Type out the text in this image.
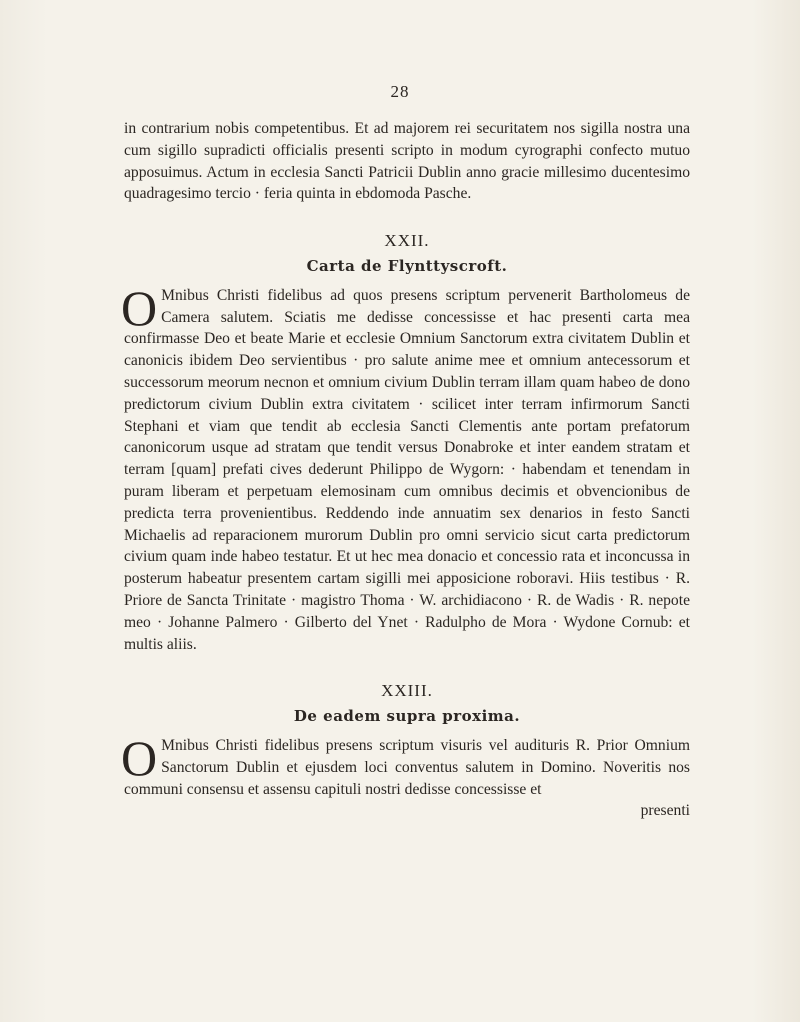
28

in contrarium nobis competentibus. Et ad majorem rei securitatem nos sigilla nostra una cum sigillo supradicti officialis presenti scripto in modum cyrographi confecto mutuo apposuimus. Actum in ecclesia Sancti Patricii Dublin anno gracie millesimo ducentesimo quadragesimo tercio · feria quinta in ebdomoda Pasche.

XXII.
Carta de Flynttyscroft.

O Mnibus Christi fidelibus ad quos presens scriptum pervenerit Bartholomeus de Camera salutem. Sciatis me dedisse concessisse et hac presenti carta mea confirmasse Deo et beate Marie et ecclesie Omnium Sanctorum extra civitatem Dublin et canonicis ibidem Deo servientibus · pro salute anime mee et omnium antecessorum et successorum meorum necnon et omnium civium Dublin terram illam quam habeo de dono predictorum civium Dublin extra civitatem · scilicet inter terram infirmorum Sancti Stephani et viam que tendit ab ecclesia Sancti Clementis ante portam prefatorum canonicorum usque ad stratam que tendit versus Donabroke et inter eandem stratam et terram [quam] prefati cives dederunt Philippo de Wygorn: · habendam et tenendam in puram liberam et perpetuam elemosinam cum omnibus decimis et obvencionibus de predicta terra provenientibus. Reddendo inde annuatim sex denarios in festo Sancti Michaelis ad reparacionem murorum Dublin pro omni servicio sicut carta predictorum civium quam inde habeo testatur. Et ut hec mea donacio et concessio rata et inconcussa in posterum habeatur presentem cartam sigilli mei apposicione roboravi. Hiis testibus · R. Priore de Sancta Trinitate · magistro Thoma · W. archidiacono · R. de Wadis · R. nepote meo · Johanne Palmero · Gilberto del Ynet · Radulpho de Mora · Wydone Cornub: et multis aliis.

XXIII.
De eadem supra proxima.

O Mnibus Christi fidelibus presens scriptum visuris vel audituris R. Prior Omnium Sanctorum Dublin et ejusdem loci conventus salutem in Domino. Noveritis nos communi consensu et assensu capituli nostri dedisse concessisse et

presenti
